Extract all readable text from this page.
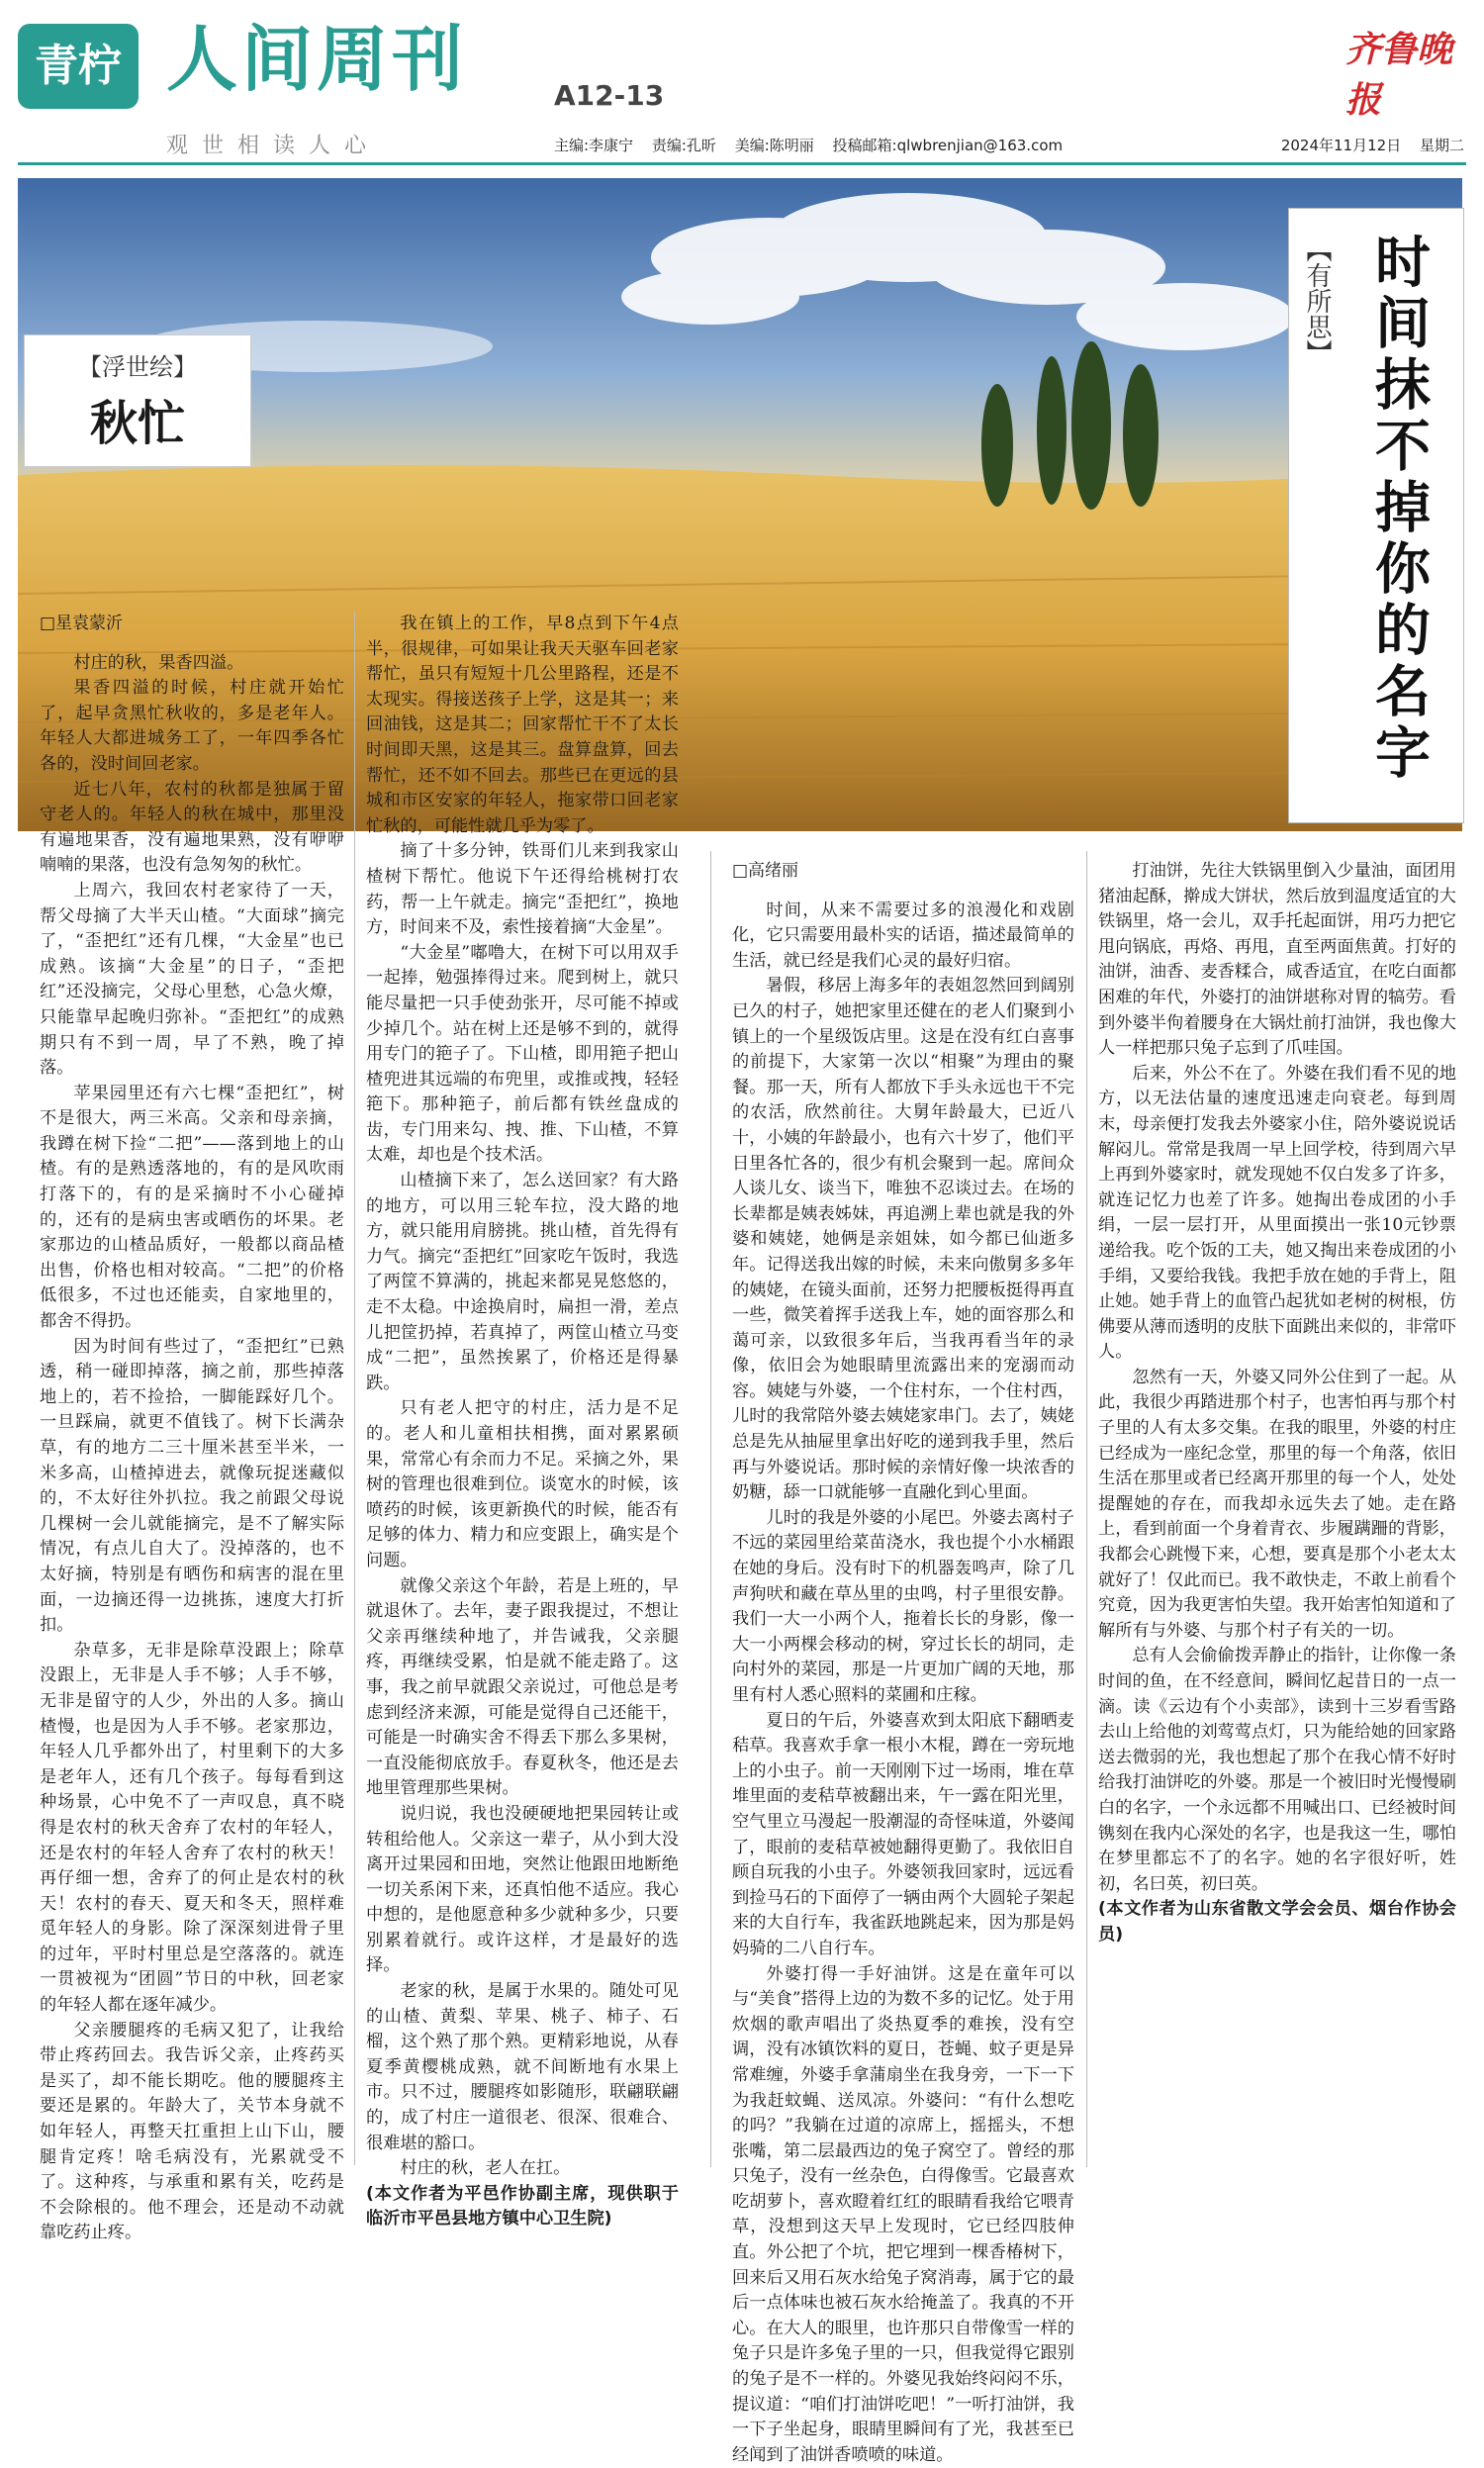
青柠 人间周刊	A12-13
齐鲁晚报
观世相读人心	主编:李康宁 责编:孔昕 美编:陈明丽 投稿邮箱:qlwbrenjian@163.com	2024年11月12日 星期二
【浮世绘】
秋忙
【有所思】 时间抹不掉你的名字

□星袁蒙沂

村庄的秋，果香四溢。

果香四溢的时候，村庄就开始忙了，起早贪黑忙秋收的，多是老年人。年轻人大都进城务工了，一年四季各忙各的，没时间回老家。

近七八年，农村的秋都是独属于留守老人的。年轻人的秋在城中，那里没有遍地果香，没有遍地果熟，没有咿咿喃喃的果落，也没有急匆匆的秋忙。

上周六，我回农村老家待了一天，帮父母摘了大半天山楂。“大面球”摘完了，“歪把红”还有几棵，“大金星”也已成熟。该摘“大金星”的日子，“歪把红”还没摘完，父母心里愁，心急火燎，只能靠早起晚归弥补。“歪把红”的成熟期只有不到一周，早了不熟，晚了掉落。

苹果园里还有六七棵“歪把红”，树不是很大，两三米高。父亲和母亲摘，我蹲在树下捡“二把”——落到地上的山楂。有的是熟透落地的，有的是风吹雨打落下的，有的是采摘时不小心碰掉的，还有的是病虫害或晒伤的坏果。老家那边的山楂品质好，一般都以商品楂出售，价格也相对较高。“二把”的价格低很多，不过也还能卖，自家地里的，都舍不得扔。

因为时间有些过了，“歪把红”已熟透，稍一碰即掉落，摘之前，那些掉落地上的，若不捡拾，一脚能踩好几个。一旦踩扁，就更不值钱了。树下长满杂草，有的地方二三十厘米甚至半米，一米多高，山楂掉进去，就像玩捉迷藏似的，不太好往外扒拉。我之前跟父母说几棵树一会儿就能摘完，是不了解实际情况，有点儿自大了。没掉落的，也不太好摘，特别是有晒伤和病害的混在里面，一边摘还得一边挑拣，速度大打折扣。

杂草多，无非是除草没跟上；除草没跟上，无非是人手不够；人手不够，无非是留守的人少，外出的人多。摘山楂慢，也是因为人手不够。老家那边，年轻人几乎都外出了，村里剩下的大多是老年人，还有几个孩子。每每看到这种场景，心中免不了一声叹息，真不晓得是农村的秋天舍弃了农村的年轻人，还是农村的年轻人舍弃了农村的秋天！再仔细一想，舍弃了的何止是农村的秋天！农村的春天、夏天和冬天，照样难觅年轻人的身影。除了深深刻进骨子里的过年，平时村里总是空落落的。就连一贯被视为“团圆”节日的中秋，回老家的年轻人都在逐年减少。

父亲腰腿疼的毛病又犯了，让我给带止疼药回去。我告诉父亲，止疼药买是买了，却不能长期吃。他的腰腿疼主要还是累的。年龄大了，关节本身就不如年轻人，再整天扛重担上山下山，腰腿肯定疼！啥毛病没有，光累就受不了。这种疼，与承重和累有关，吃药是不会除根的。他不理会，还是动不动就靠吃药止疼。

我在镇上的工作，早8点到下午4点半，很规律，可如果让我天天驱车回老家帮忙，虽只有短短十几公里路程，还是不太现实。得接送孩子上学，这是其一；来回油钱，这是其二；回家帮忙干不了太长时间即天黑，这是其三。盘算盘算，回去帮忙，还不如不回去。那些已在更远的县城和市区安家的年轻人，拖家带口回老家忙秋的，可能性就几乎为零了。

摘了十多分钟，铁哥们儿来到我家山楂树下帮忙。他说下午还得给桃树打农药，帮一上午就走。摘完“歪把红”，换地方，时间来不及，索性接着摘“大金星”。

“大金星”嘟噜大，在树下可以用双手一起捧，勉强捧得过来。爬到树上，就只能尽量把一只手使劲张开，尽可能不掉或少掉几个。站在树上还是够不到的，就得用专门的筢子了。下山楂，即用筢子把山楂兜进其远端的布兜里，或推或拽，轻轻筢下。那种筢子，前后都有铁丝盘成的齿，专门用来勾、拽、推、下山楂，不算太难，却也是个技术活。

山楂摘下来了，怎么送回家？有大路的地方，可以用三轮车拉，没大路的地方，就只能用肩膀挑。挑山楂，首先得有力气。摘完“歪把红”回家吃午饭时，我选了两筐不算满的，挑起来都晃晃悠悠的，走不太稳。中途换肩时，扁担一滑，差点儿把筐扔掉，若真掉了，两筐山楂立马变成“二把”，虽然挨累了，价格还是得暴跌。

只有老人把守的村庄，活力是不足的。老人和儿童相扶相携，面对累累硕果，常常心有余而力不足。采摘之外，果树的管理也很难到位。谈宽水的时候，该喷药的时候，该更新换代的时候，能否有足够的体力、精力和应变跟上，确实是个问题。

就像父亲这个年龄，若是上班的，早就退休了。去年，妻子跟我提过，不想让父亲再继续种地了，并告诫我，父亲腿疼，再继续受累，怕是就不能走路了。这事，我之前早就跟父亲说过，可他总是考虑到经济来源，可能是觉得自己还能干，可能是一时确实舍不得丢下那么多果树，一直没能彻底放手。春夏秋冬，他还是去地里管理那些果树。

说归说，我也没硬硬地把果园转让或转租给他人。父亲这一辈子，从小到大没离开过果园和田地，突然让他跟田地断绝一切关系闲下来，还真怕他不适应。我心中想的，是他愿意种多少就种多少，只要别累着就行。或许这样，才是最好的选择。

老家的秋，是属于水果的。随处可见的山楂、黄梨、苹果、桃子、柿子、石榴，这个熟了那个熟。更精彩地说，从春夏季黄樱桃成熟，就不间断地有水果上市。只不过，腰腿疼如影随形，联翩联翩的，成了村庄一道很老、很深、很难合、很难堪的豁口。

村庄的秋，老人在扛。

(本文作者为平邑作协副主席，现供职于临沂市平邑县地方镇中心卫生院)

□高绪丽

时间，从来不需要过多的浪漫化和戏剧化，它只需要用最朴实的话语，描述最简单的生活，就已经是我们心灵的最好归宿。

暑假，移居上海多年的表姐忽然回到阔别已久的村子，她把家里还健在的老人们聚到小镇上的一个星级饭店里。这是在没有红白喜事的前提下，大家第一次以“相聚”为理由的聚餐。那一天，所有人都放下手头永远也干不完的农活，欣然前往。大舅年龄最大，已近八十，小姨的年龄最小，也有六十岁了，他们平日里各忙各的，很少有机会聚到一起。席间众人谈儿女、谈当下，唯独不忍谈过去。在场的长辈都是姨表姊妹，再追溯上辈也就是我的外婆和姨姥，她俩是亲姐妹，如今都已仙逝多年。记得送我出嫁的时候，未来向傲舅多多年的姨姥，在镜头面前，还努力把腰板挺得再直一些，微笑着挥手送我上车，她的面容那么和蔼可亲，以致很多年后，当我再看当年的录像，依旧会为她眼睛里流露出来的宠溺而动容。姨姥与外婆，一个住村东，一个住村西，儿时的我常陪外婆去姨姥家串门。去了，姨姥总是先从抽屉里拿出好吃的递到我手里，然后再与外婆说话。那时候的亲情好像一块浓香的奶糖，舔一口就能够一直融化到心里面。

儿时的我是外婆的小尾巴。外婆去离村子不远的菜园里给菜苗浇水，我也提个小水桶跟在她的身后。没有时下的机器轰鸣声，除了几声狗吠和藏在草丛里的虫鸣，村子里很安静。我们一大一小两个人，拖着长长的身影，像一大一小两棵会移动的树，穿过长长的胡同，走向村外的菜园，那是一片更加广阔的天地，那里有村人悉心照料的菜圃和庄稼。

夏日的午后，外婆喜欢到太阳底下翻晒麦秸草。我喜欢手拿一根小木棍，蹲在一旁玩地上的小虫子。前一天刚刚下过一场雨，堆在草堆里面的麦秸草被翻出来，午一露在阳光里，空气里立马漫起一股潮湿的奇怪味道，外婆闻了，眼前的麦秸草被她翻得更勤了。我依旧自顾自玩我的小虫子。外婆领我回家时，远远看到捡马石的下面停了一辆由两个大圆轮子架起来的大自行车，我雀跃地跳起来，因为那是妈妈骑的二八自行车。

外婆打得一手好油饼。这是在童年可以与“美食”搭得上边的为数不多的记忆。处于用炊烟的歌声唱出了炎热夏季的难挨，没有空调，没有冰镇饮料的夏日，苍蝇、蚊子更是异常难缠，外婆手拿蒲扇坐在我身旁，一下一下为我赶蚊蝇、送凤凉。外婆问：“有什么想吃的吗？”我躺在过道的凉席上，摇摇头，不想张嘴，第二层最西边的兔子窝空了。曾经的那只兔子，没有一丝杂色，白得像雪。它最喜欢吃胡萝卜，喜欢瞪着红红的眼睛看我给它喂青草，没想到这天早上发现时，它已经四肢伸直。外公把了个坑，把它埋到一棵香椿树下，回来后又用石灰水给兔子窝消毒，属于它的最后一点体味也被石灰水给掩盖了。我真的不开心。在大人的眼里，也许那只自带像雪一样的兔子只是许多兔子里的一只，但我觉得它跟别的兔子是不一样的。外婆见我始终闷闷不乐，提议道：“咱们打油饼吃吧！”一听打油饼，我一下子坐起身，眼睛里瞬间有了光，我甚至已经闻到了油饼香喷喷的味道。

打油饼，先往大铁锅里倒入少量油，面团用猪油起酥，擀成大饼状，然后放到温度适宜的大铁锅里，烙一会儿，双手托起面饼，用巧力把它甩向锅底，再烙、再甩，直至两面焦黄。打好的油饼，油香、麦香糅合，咸香适宜，在吃白面都困难的年代，外婆打的油饼堪称对胃的犒劳。看到外婆半佝着腰身在大锅灶前打油饼，我也像大人一样把那只兔子忘到了爪哇国。

后来，外公不在了。外婆在我们看不见的地方，以无法估量的速度迅速走向衰老。每到周末，母亲便打发我去外婆家小住，陪外婆说说话解闷儿。常常是我周一早上回学校，待到周六早上再到外婆家时，就发现她不仅白发多了许多，就连记忆力也差了许多。她掏出卷成团的小手绢，一层一层打开，从里面摸出一张10元钞票递给我。吃个饭的工夫，她又掏出来卷成团的小手绢，又要给我钱。我把手放在她的手背上，阻止她。她手背上的血管凸起犹如老树的树根，仿佛要从薄而透明的皮肤下面跳出来似的，非常吓人。

忽然有一天，外婆又同外公住到了一起。从此，我很少再踏进那个村子，也害怕再与那个村子里的人有太多交集。在我的眼里，外婆的村庄已经成为一座纪念堂，那里的每一个角落，依旧生活在那里或者已经离开那里的每一个人，处处提醒她的存在，而我却永远失去了她。走在路上，看到前面一个身着青衣、步履蹒跚的背影，我都会心跳慢下来，心想，要真是那个小老太太就好了！仅此而已。我不敢快走，不敢上前看个究竟，因为我更害怕失望。我开始害怕知道和了解所有与外婆、与那个村子有关的一切。

总有人会偷偷拨弄静止的指针，让你像一条时间的鱼，在不经意间，瞬间忆起昔日的一点一滴。读《云边有个小卖部》，读到十三岁看雪路去山上给他的刘莺莺点灯，只为能给她的回家路送去微弱的光，我也想起了那个在我心情不好时给我打油饼吃的外婆。那是一个被旧时光慢慢刷白的名字，一个永远都不用喊出口、已经被时间镌刻在我内心深处的名字，也是我这一生，哪怕在梦里都忘不了的名字。她的名字很好听，姓初，名曰英，初曰英。

(本文作者为山东省散文学会会员、烟台作协会员)
